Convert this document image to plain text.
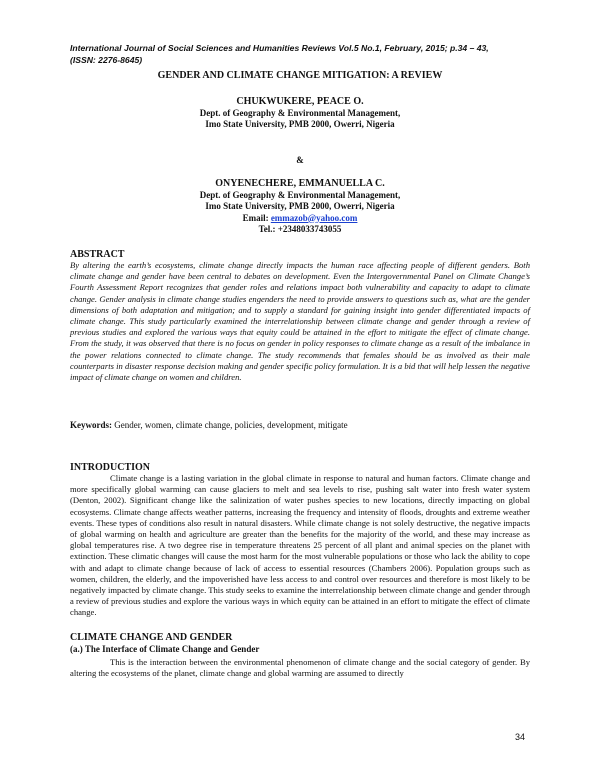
International Journal of Social Sciences and Humanities Reviews Vol.5 No.1, February, 2015; p.34 – 43,
(ISSN: 2276-8645)
GENDER AND CLIMATE CHANGE MITIGATION: A REVIEW
CHUKWUKERE, PEACE O.
Dept. of Geography & Environmental Management,
Imo State University, PMB 2000, Owerri, Nigeria
&
ONYENECHERE, EMMANUELLA C.
Dept. of Geography & Environmental Management,
Imo State University, PMB 2000, Owerri, Nigeria
Email: emmazob@yahoo.com
Tel.: +2348033743055
ABSTRACT
By altering the earth’s ecosystems, climate change directly impacts the human race affecting people of different genders. Both climate change and gender have been central to debates on development. Even the Intergovernmental Panel on Climate Change’s Fourth Assessment Report recognizes that gender roles and relations impact both vulnerability and capacity to adapt to climate change. Gender analysis in climate change studies engenders the need to provide answers to questions such as, what are the gender dimensions of both adaptation and mitigation; and to supply a standard for gaining insight into gender differentiated impacts of climate change. This study particularly examined the interrelationship between climate change and gender through a review of previous studies and explored the various ways that equity could be attained in the effort to mitigate the effect of climate change. From the study, it was observed that there is no focus on gender in policy responses to climate change as a result of the imbalance in the power relations connected to climate change. The study recommends that females should be as involved as their male counterparts in disaster response decision making and gender specific policy formulation. It is a bid that will help lessen the negative impact of climate change on women and children.
Keywords: Gender, women, climate change, policies, development, mitigate
INTRODUCTION
Climate change is a lasting variation in the global climate in response to natural and human factors. Climate change and more specifically global warming can cause glaciers to melt and sea levels to rise, pushing salt water into fresh water system (Denton, 2002). Significant change like the salinization of water pushes species to new locations, directly impacting on global ecosystems. Climate change affects weather patterns, increasing the frequency and intensity of floods, droughts and extreme weather events. These types of conditions also result in natural disasters. While climate change is not solely destructive, the negative impacts of global warming on health and agriculture are greater than the benefits for the majority of the world, and these may increase as global temperatures rise. A two degree rise in temperature threatens 25 percent of all plant and animal species on the planet with extinction. These climatic changes will cause the most harm for the most vulnerable populations or those who lack the ability to cope with and adapt to climate change because of lack of access to essential resources (Chambers 2006). Population groups such as women, children, the elderly, and the impoverished have less access to and control over resources and therefore is most likely to be negatively impacted by climate change. This study seeks to examine the interrelationship between climate change and gender through a review of previous studies and explore the various ways in which equity can be attained in an effort to mitigate the effect of climate change.
CLIMATE CHANGE AND GENDER
(a.) The Interface of Climate Change and Gender
This is the interaction between the environmental phenomenon of climate change and the social category of gender. By altering the ecosystems of the planet, climate change and global warming are assumed to directly
34
